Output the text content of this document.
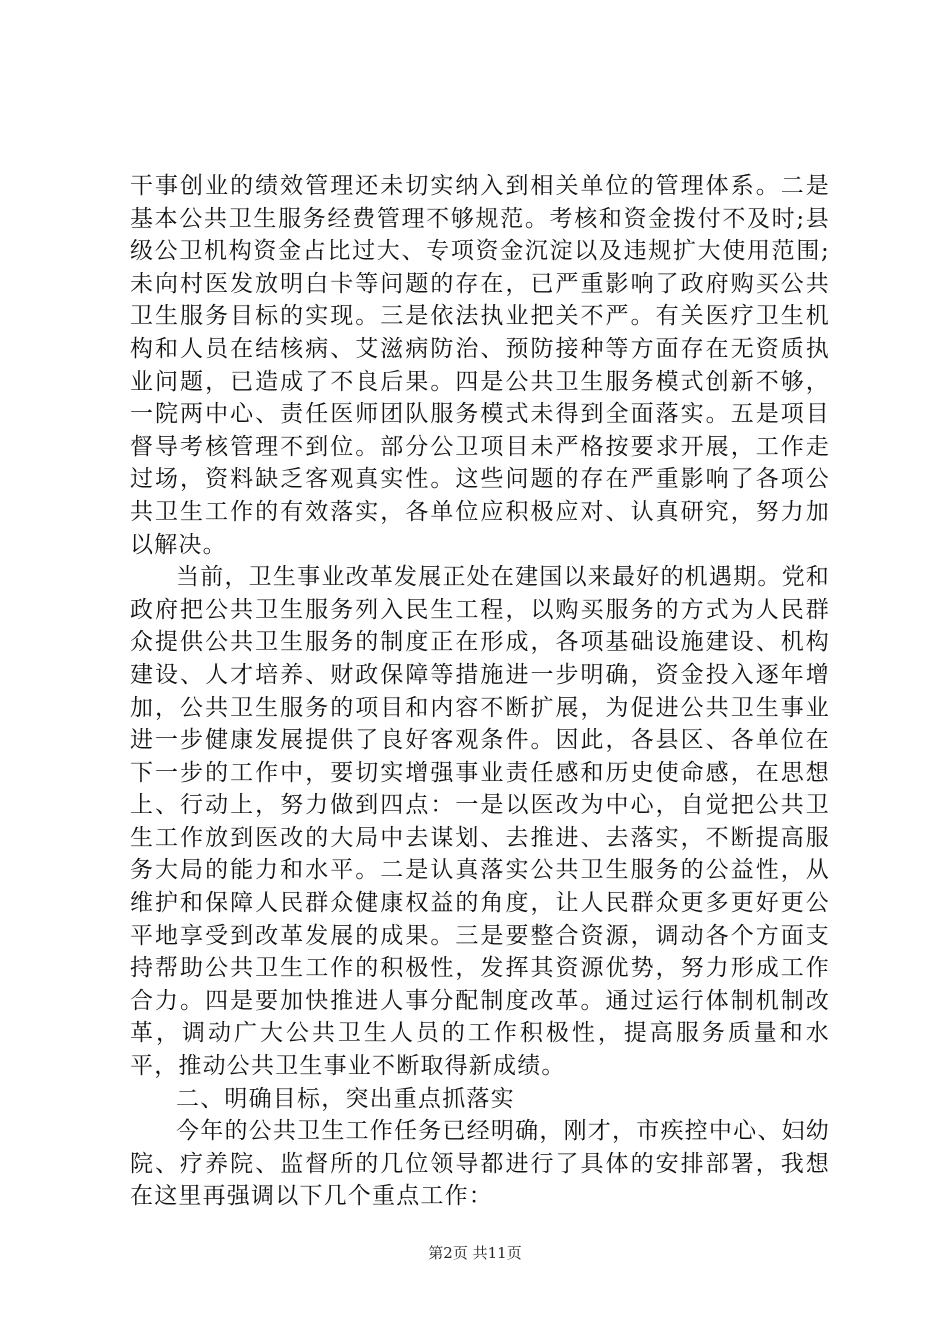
干事创业的绩效管理还未切实纳入到相关单位的管理体系。二是基本公共卫生服务经费管理不够规范。考核和资金拨付不及时;县级公卫机构资金占比过大、专项资金沉淀以及违规扩大使用范围;未向村医发放明白卡等问题的存在，已严重影响了政府购买公共卫生服务目标的实现。三是依法执业把关不严。有关医疗卫生机构和人员在结核病、艾滋病防治、预防接种等方面存在无资质执业问题，已造成了不良后果。四是公共卫生服务模式创新不够，一院两中心、责任医师团队服务模式未得到全面落实。五是项目督导考核管理不到位。部分公卫项目未严格按要求开展，工作走过场，资料缺乏客观真实性。这些问题的存在严重影响了各项公共卫生工作的有效落实，各单位应积极应对、认真研究，努力加以解决。

当前，卫生事业改革发展正处在建国以来最好的机遇期。党和政府把公共卫生服务列入民生工程，以购买服务的方式为人民群众提供公共卫生服务的制度正在形成，各项基础设施建设、机构建设、人才培养、财政保障等措施进一步明确，资金投入逐年增加，公共卫生服务的项目和内容不断扩展，为促进公共卫生事业进一步健康发展提供了良好客观条件。因此，各县区、各单位在下一步的工作中，要切实增强事业责任感和历史使命感，在思想上、行动上，努力做到四点：一是以医改为中心，自觉把公共卫生工作放到医改的大局中去谋划、去推进、去落实，不断提高服务大局的能力和水平。二是认真落实公共卫生服务的公益性，从维护和保障人民群众健康权益的角度，让人民群众更多更好更公平地享受到改革发展的成果。三是要整合资源，调动各个方面支持帮助公共卫生工作的积极性，发挥其资源优势，努力形成工作合力。四是要加快推进人事分配制度改革。通过运行体制机制改革，调动广大公共卫生人员的工作积极性，提高服务质量和水平，推动公共卫生事业不断取得新成绩。

二、明确目标，突出重点抓落实

今年的公共卫生工作任务已经明确，刚才，市疾控中心、妇幼院、疗养院、监督所的几位领导都进行了具体的安排部署，我想在这里再强调以下几个重点工作：

第2页 共11页
